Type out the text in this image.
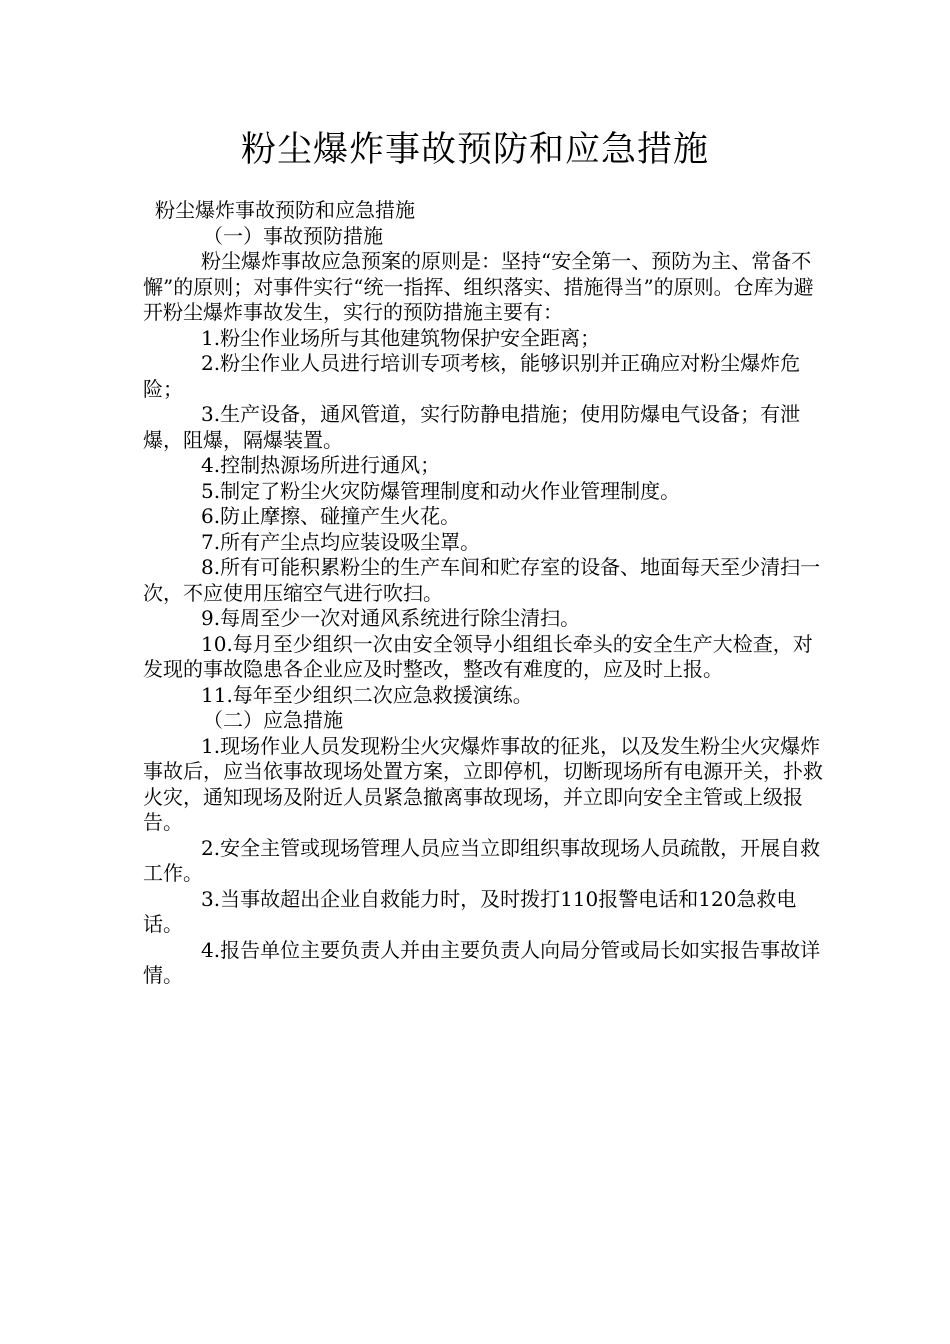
粉尘爆炸事故预防和应急措施

粉尘爆炸事故预防和应急措施

（一）事故预防措施

粉尘爆炸事故应急预案的原则是：坚持“安全第一、预防为主、常备不懈”的原则；对事件实行“统一指挥、组织落实、措施得当”的原则。仓库为避开粉尘爆炸事故发生，实行的预防措施主要有：

1.粉尘作业场所与其他建筑物保护安全距离；

2.粉尘作业人员进行培训专项考核，能够识别并正确应对粉尘爆炸危险；

3.生产设备，通风管道，实行防静电措施；使用防爆电气设备；有泄爆，阻爆，隔爆装置。

4.控制热源场所进行通风；

5.制定了粉尘火灾防爆管理制度和动火作业管理制度。

6.防止摩擦、碰撞产生火花。

7.所有产尘点均应装设吸尘罩。

8.所有可能积累粉尘的生产车间和贮存室的设备、地面每天至少清扫一次，不应使用压缩空气进行吹扫。

9.每周至少一次对通风系统进行除尘清扫。

10.每月至少组织一次由安全领导小组组长牵头的安全生产大检查，对发现的事故隐患各企业应及时整改，整改有难度的，应及时上报。

11.每年至少组织二次应急救援演练。

（二）应急措施

1.现场作业人员发现粉尘火灾爆炸事故的征兆，以及发生粉尘火灾爆炸事故后，应当依事故现场处置方案，立即停机，切断现场所有电源开关，扑救火灾，通知现场及附近人员紧急撤离事故现场，并立即向安全主管或上级报告。

2.安全主管或现场管理人员应当立即组织事故现场人员疏散，开展自救工作。

3.当事故超出企业自救能力时，及时拨打110报警电话和120急救电话。

4.报告单位主要负责人并由主要负责人向局分管或局长如实报告事故详情。
